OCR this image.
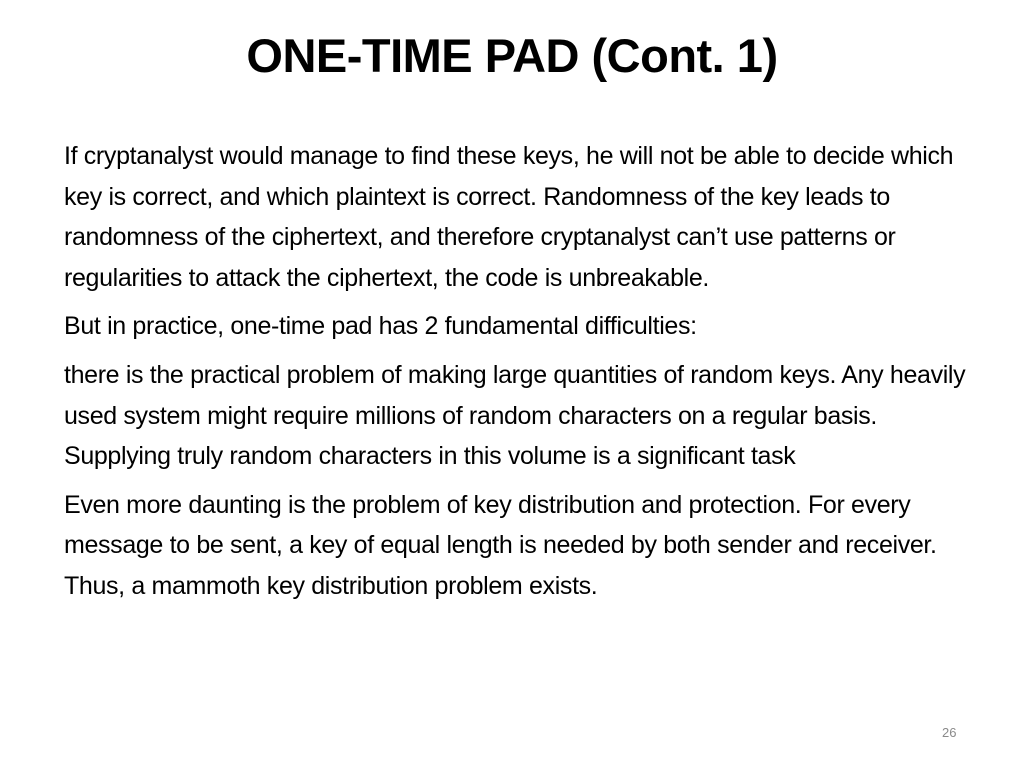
ONE-TIME PAD (Cont. 1)

If cryptanalyst would manage to find these keys, he will not be able to decide which key is correct, and which plaintext is correct. Randomness of the key leads to randomness of the ciphertext, and therefore cryptanalyst can’t use patterns or regularities to attack the ciphertext, the code is unbreakable.

But in practice, one-time pad has 2 fundamental difficulties:

there is the practical problem of making large quantities of random keys. Any heavily used system might require millions of random characters on a regular basis. Supplying truly random characters in this volume is a significant task

Even more daunting is the problem of key distribution and protection. For every message to be sent, a key of equal length is needed by both sender and receiver. Thus, a mammoth key distribution problem exists.

26
